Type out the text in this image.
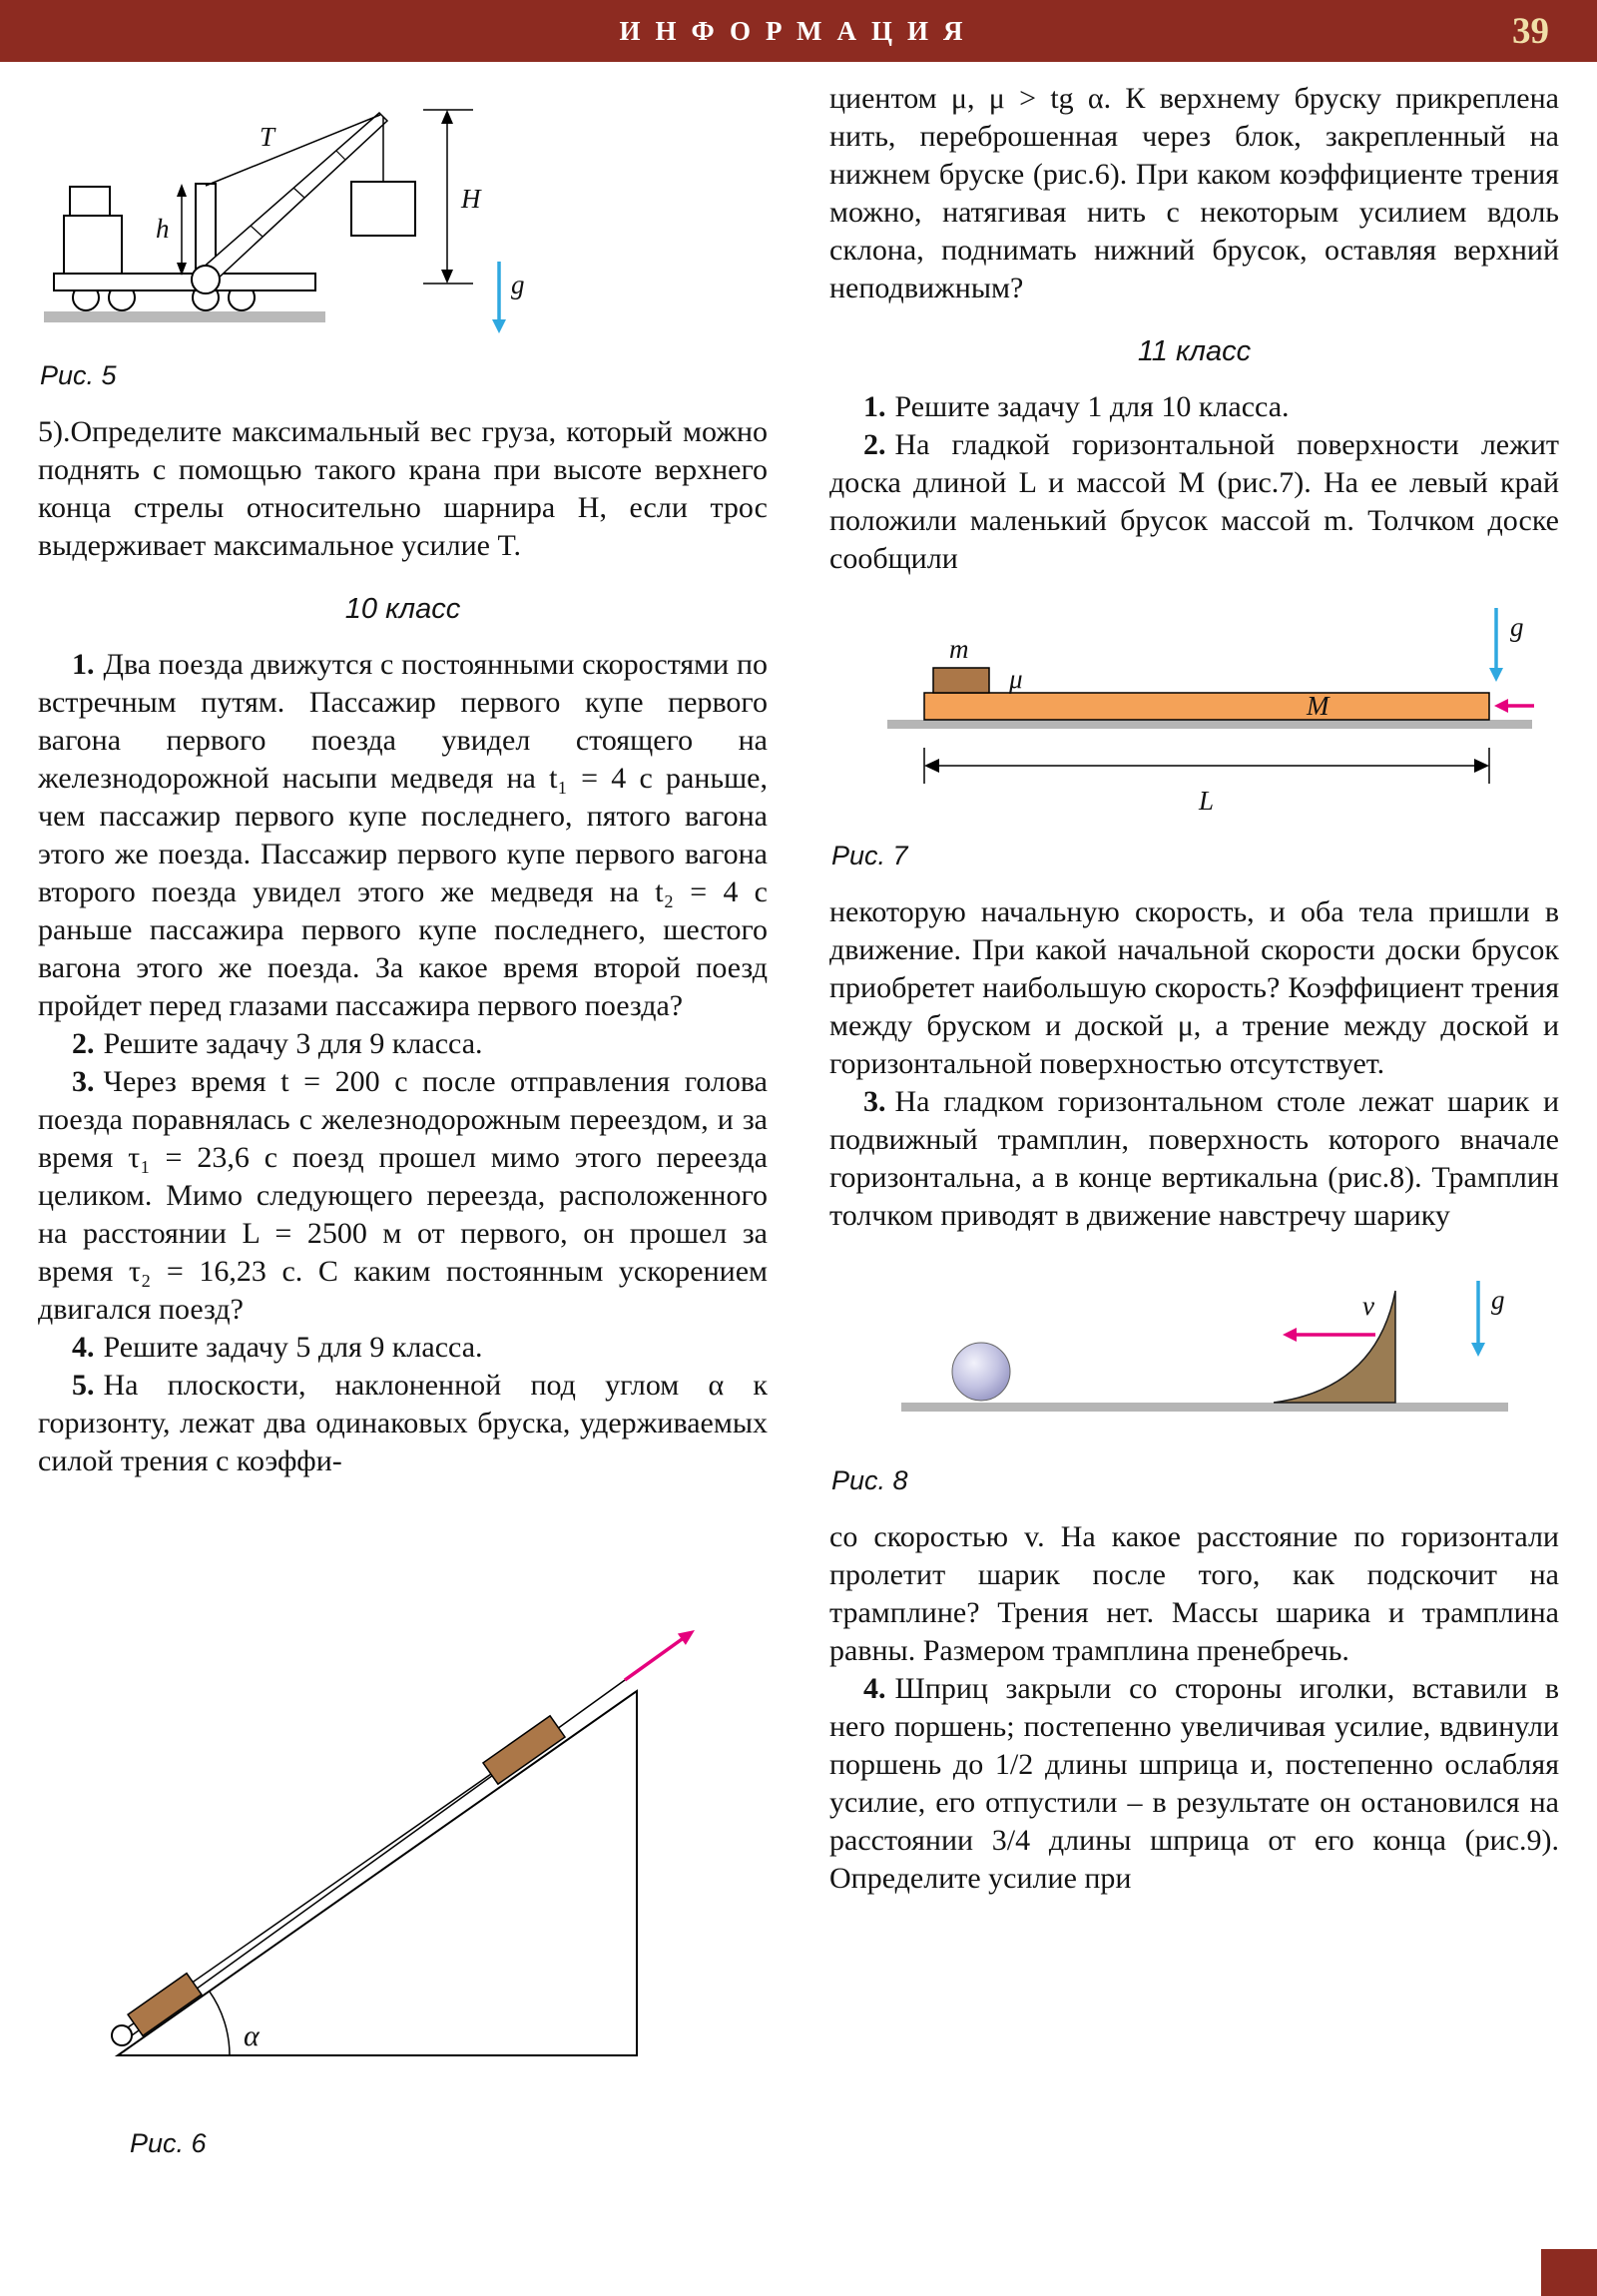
ИНФОРМАЦИЯ	39
T
h
H
g
Рис. 5

5).Определите максимальный вес груза, который можно поднять с помощью такого крана при высоте верхнего конца стрелы относительно шарнира H, если трос выдерживает максимальное усилие T.

10 класс

1. Два поезда движутся с постоянными скоростями по встречным путям. Пассажир первого купе первого вагона первого поезда увидел стоящего на железнодорожной насыпи медведя на t₁ = 4 с раньше, чем пассажир первого купе последнего, пятого вагона этого же поезда. Пассажир первого купе первого вагона второго поезда увидел этого же медведя на t₂ = 4 с раньше пассажира первого купе последнего, шестого вагона этого же поезда. За какое время второй поезд пройдет перед глазами пассажира первого поезда?

2. Решите задачу 3 для 9 класса.

3. Через время t = 200 с после отправления голова поезда поравнялась с железнодорожным переездом, и за время τ₁ = 23,6 с поезд прошел мимо этого переезда целиком. Мимо следующего переезда, расположенного на расстоянии L = 2500 м от первого, он прошел за время τ₂ = 16,23 с. С каким постоянным ускорением двигался поезд?

4. Решите задачу 5 для 9 класса.

5. На плоскости, наклоненной под углом α к горизонту, лежат два одинаковых бруска, удерживаемых силой трения с коэффи-

α
Рис. 6

циентом μ, μ > tg α. К верхнему бруску прикреплена нить, переброшенная через блок, закрепленный на нижнем бруске (рис.6). При каком коэффициенте трения можно, натягивая нить с некоторым усилием вдоль склона, поднимать нижний брусок, оставляя верхний неподвижным?

11 класс

1. Решите задачу 1 для 10 класса.

2. На гладкой горизонтальной поверхности лежит доска длиной L и массой M (рис.7). На ее левый край положили маленький брусок массой m. Толчком доске сообщили

g
M
m
μ
L
Рис. 7

некоторую начальную скорость, и оба тела пришли в движение. При какой начальной скорости доски брусок приобретет наибольшую скорость? Коэффициент трения между бруском и доской μ, а трение между доской и горизонтальной поверхностью отсутствует.

3. На гладком горизонтальном столе лежат шарик и подвижный трамплин, поверхность которого вначале горизонтальна, а в конце вертикальна (рис.8). Трамплин толчком приводят в движение навстречу шарику

g
v
Рис. 8

со скоростью v. На какое расстояние по горизонтали пролетит шарик после того, как подскочит на трамплине? Трения нет. Массы шарика и трамплина равны. Размером трамплина пренебречь.

4. Шприц закрыли со стороны иголки, вставили в него поршень; постепенно увеличивая усилие, вдвинули поршень до 1/2 длины шприца и, постепенно ослабляя усилие, его отпустили – в результате он остановился на расстоянии 3/4 длины шприца от его конца (рис.9). Определите усилие при
